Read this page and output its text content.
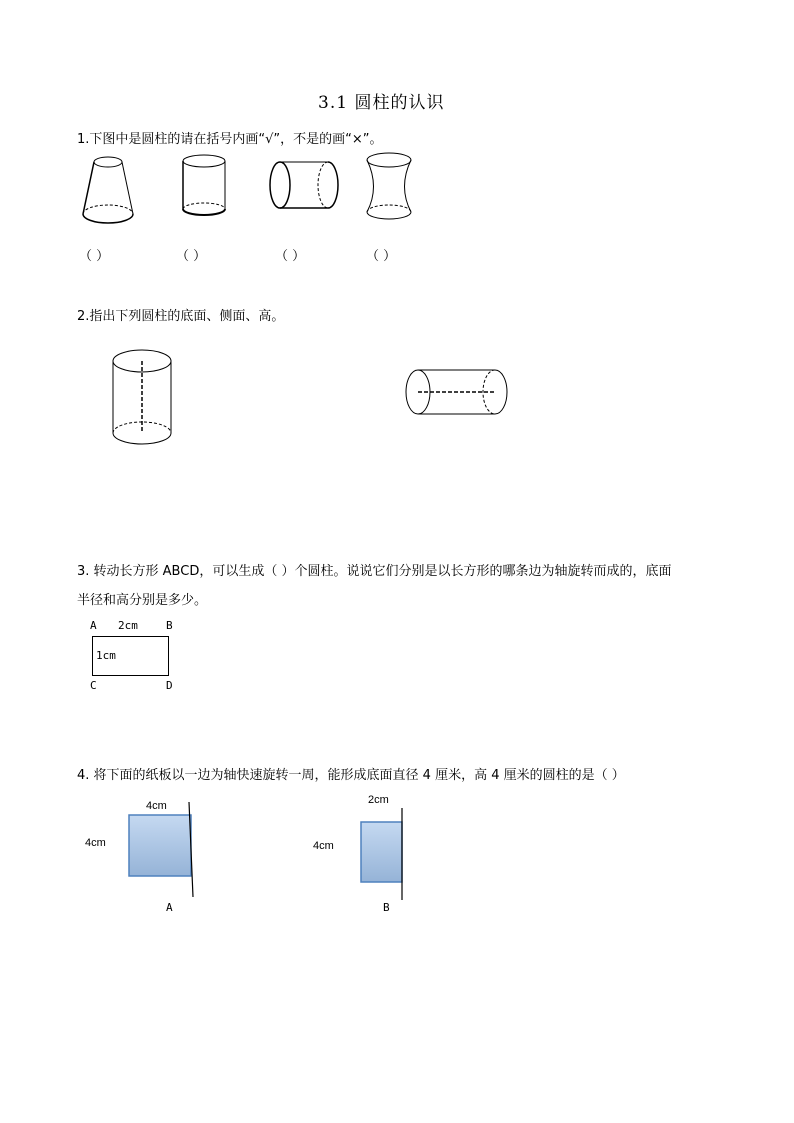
3.1 圆柱的认识
1.下图中是圆柱的请在括号内画“√”，不是的画“×”。
（ ）	（ ）	（ ）	（ ）
2.指出下列圆柱的底面、侧面、高。
3. 转动长方形 ABCD，可以生成（ ）个圆柱。说说它们分别是以长方形的哪条边为轴旋转而成的，底面
半径和高分别是多少。
A 2cm	B
1cm
C	D
4. 将下面的纸板以一边为轴快速旋转一周，能形成底面直径 4 厘米，高 4 厘米的圆柱的是（ ）
4cm
4cm
A
2cm
4cm
B
